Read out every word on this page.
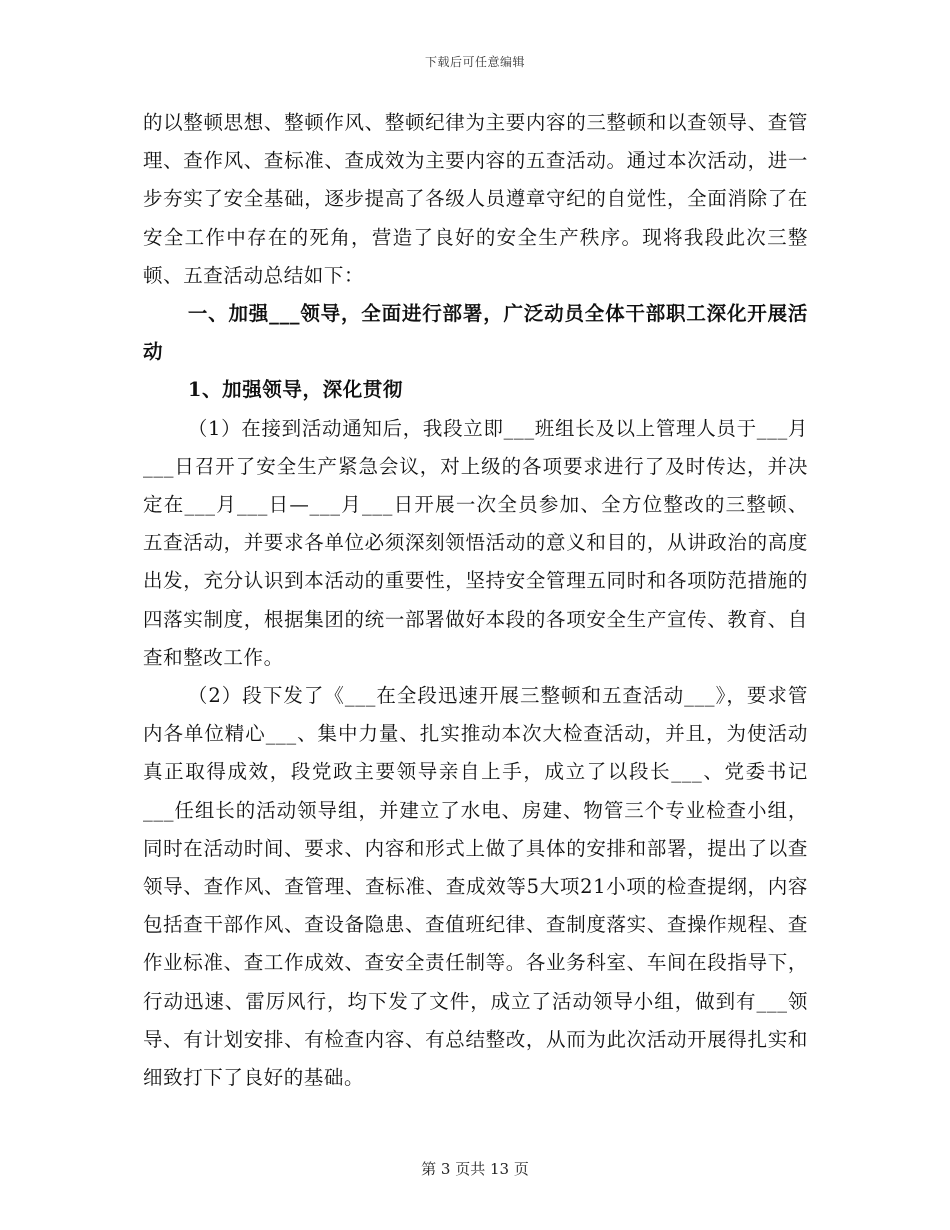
下载后可任意编辑

的以整顿思想、整顿作风、整顿纪律为主要内容的三整顿和以查领导、查管理、查作风、查标准、查成效为主要内容的五查活动。通过本次活动，进一步夯实了安全基础，逐步提高了各级人员遵章守纪的自觉性，全面消除了在安全工作中存在的死角，营造了良好的安全生产秩序。现将我段此次三整顿、五查活动总结如下：

一、加强___领导，全面进行部署，广泛动员全体干部职工深化开展活动

1、加强领导，深化贯彻

（1）在接到活动通知后，我段立即___班组长及以上管理人员于___月___日召开了安全生产紧急会议，对上级的各项要求进行了及时传达，并决定在___月___日—___月___日开展一次全员参加、全方位整改的三整顿、五查活动，并要求各单位必须深刻领悟活动的意义和目的，从讲政治的高度出发，充分认识到本活动的重要性，坚持安全管理五同时和各项防范措施的四落实制度，根据集团的统一部署做好本段的各项安全生产宣传、教育、自查和整改工作。

（2）段下发了《___在全段迅速开展三整顿和五查活动___》，要求管内各单位精心___、集中力量、扎实推动本次大检查活动，并且，为使活动真正取得成效，段党政主要领导亲自上手，成立了以段长___、党委书记___任组长的活动领导组，并建立了水电、房建、物管三个专业检查小组，同时在活动时间、要求、内容和形式上做了具体的安排和部署，提出了以查领导、查作风、查管理、查标准、查成效等5大项21小项的检查提纲，内容包括查干部作风、查设备隐患、查值班纪律、查制度落实、查操作规程、查作业标准、查工作成效、查安全责任制等。各业务科室、车间在段指导下，行动迅速、雷厉风行，均下发了文件，成立了活动领导小组，做到有___领导、有计划安排、有检查内容、有总结整改，从而为此次活动开展得扎实和细致打下了良好的基础。

第 3 页共 13 页
